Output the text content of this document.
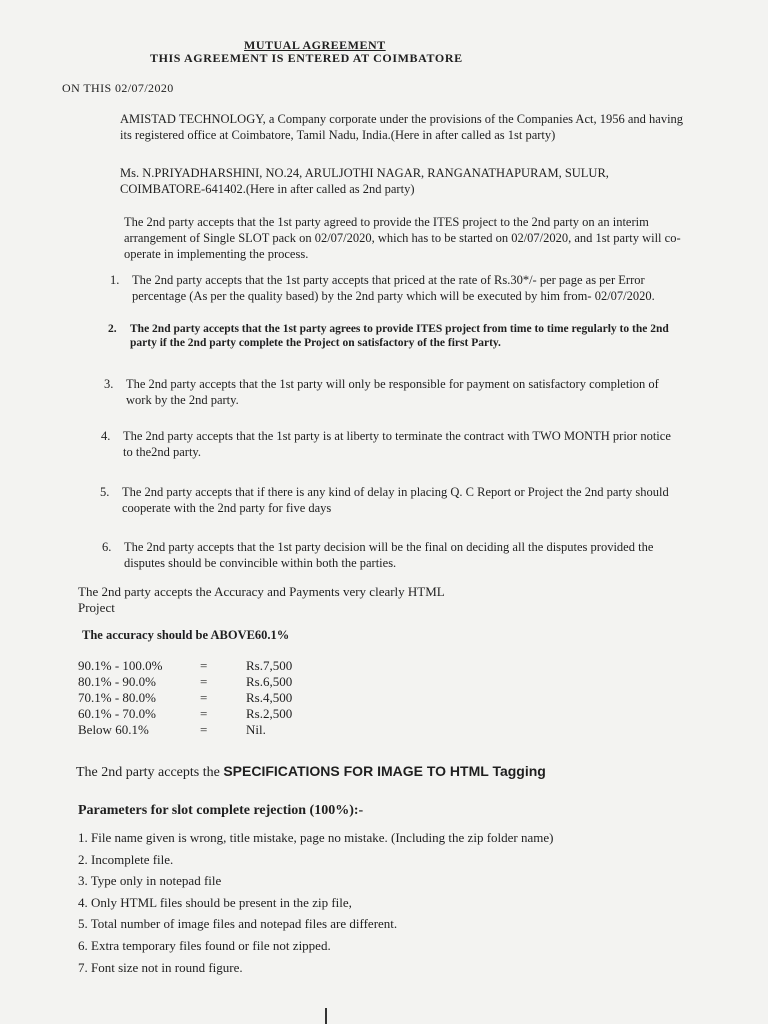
MUTUAL AGREEMENT
THIS AGREEMENT IS ENTERED AT COIMBATORE
ON THIS 02/07/2020
AMISTAD TECHNOLOGY, a Company corporate under the provisions of the Companies Act, 1956 and having its registered office at Coimbatore, Tamil Nadu, India.(Here in after called as 1st party)
Ms. N.PRIYADHARSHINI, NO.24, ARULJOTHI NAGAR, RANGANATHAPURAM, SULUR, COIMBATORE-641402.(Here in after called as 2nd party)
The 2nd party accepts that the 1st party agreed to provide the ITES project to the 2nd party on an interim arrangement of Single SLOT pack on 02/07/2020, which has to be started on 02/07/2020, and 1st party will co-operate in implementing the process.
1. The 2nd party accepts that the 1st party accepts that priced at the rate of Rs.30*/- per page as per Error percentage (As per the quality based) by the 2nd party which will be executed by him from- 02/07/2020.
2. The 2nd party accepts that the 1st party agrees to provide ITES project from time to time regularly to the 2nd party if the 2nd party complete the Project on satisfactory of the first Party.
3. The 2nd party accepts that the 1st party will only be responsible for payment on satisfactory completion of work by the 2nd party.
4. The 2nd party accepts that the 1st party is at liberty to terminate the contract with TWO MONTH prior notice to the2nd party.
5. The 2nd party accepts that if there is any kind of delay in placing Q. C Report or Project the 2nd party should cooperate with the 2nd party for five days
6. The 2nd party accepts that the 1st party decision will be the final on deciding all the disputes provided the disputes should be convincible within both the parties.
The 2nd party accepts the Accuracy and Payments very clearly HTML Project
The accuracy should be ABOVE60.1%
90.1% - 100.0%	=	Rs.7,500
80.1% - 90.0%	=	Rs.6,500
70.1% - 80.0%	=	Rs.4,500
60.1% - 70.0%	=	Rs.2,500
Below 60.1%	=	Nil.
The 2nd party accepts the SPECIFICATIONS FOR IMAGE TO HTML Tagging
Parameters for slot complete rejection (100%):-
1. File name given is wrong, title mistake, page no mistake. (Including the zip folder name)
2. Incomplete file.
3. Type only in notepad file
4. Only HTML files should be present in the zip file,
5. Total number of image files and notepad files are different.
6. Extra temporary files found or file not zipped.
7. Font size not in round figure.
